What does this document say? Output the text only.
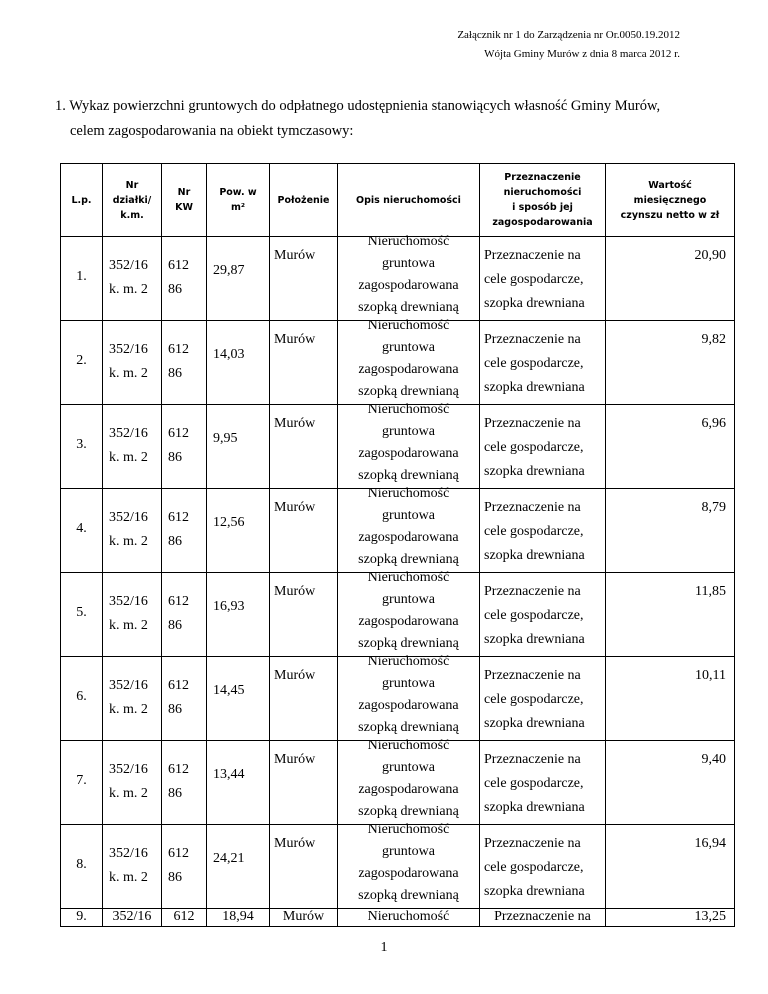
Załącznik nr 1 do Zarządzenia nr Or.0050.19.2012
Wójta Gminy Murów z dnia 8 marca 2012 r.
1. Wykaz powierzchni gruntowych do odpłatnego udostępnienia stanowiących własność Gminy Murów,
celem zagospodarowania na obiekt tymczasowy:
L.p.	Nr
działki/
k.m.	Nr
KW	Pow. w
m²	Położenie	Opis nieruchomości	Przeznaczenie
nieruchomości
i sposób jej
zagospodarowania	Wartość
miesięcznego
czynszu netto w zł

1.	352/16
k. m. 2	612
86	29,87	Murów	Nieruchomość
gruntowa
zagospodarowana
szopką drewnianą	Przeznaczenie na
cele gospodarcze,
szopka drewniana	20,90

2.	352/16
k. m. 2	612
86	14,03	Murów	Nieruchomość
gruntowa
zagospodarowana
szopką drewnianą	Przeznaczenie na
cele gospodarcze,
szopka drewniana	9,82

3.	352/16
k. m. 2	612
86	9,95	Murów	Nieruchomość
gruntowa
zagospodarowana
szopką drewnianą	Przeznaczenie na
cele gospodarcze,
szopka drewniana	6,96

4.	352/16
k. m. 2	612
86	12,56	Murów	Nieruchomość
gruntowa
zagospodarowana
szopką drewnianą	Przeznaczenie na
cele gospodarcze,
szopka drewniana	8,79

5.	352/16
k. m. 2	612
86	16,93	Murów	Nieruchomość
gruntowa
zagospodarowana
szopką drewnianą	Przeznaczenie na
cele gospodarcze,
szopka drewniana	11,85

6.	352/16
k. m. 2	612
86	14,45	Murów	Nieruchomość
gruntowa
zagospodarowana
szopką drewnianą	Przeznaczenie na
cele gospodarcze,
szopka drewniana	10,11

7.	352/16
k. m. 2	612
86	13,44	Murów	Nieruchomość
gruntowa
zagospodarowana
szopką drewnianą	Przeznaczenie na
cele gospodarcze,
szopka drewniana	9,40

8.	352/16
k. m. 2	612
86	24,21	Murów	Nieruchomość
gruntowa
zagospodarowana
szopką drewnianą	Przeznaczenie na
cele gospodarcze,
szopka drewniana	16,94

9.	352/16	612	18,94	Murów	Nieruchomość	Przeznaczenie na	13,25
1
